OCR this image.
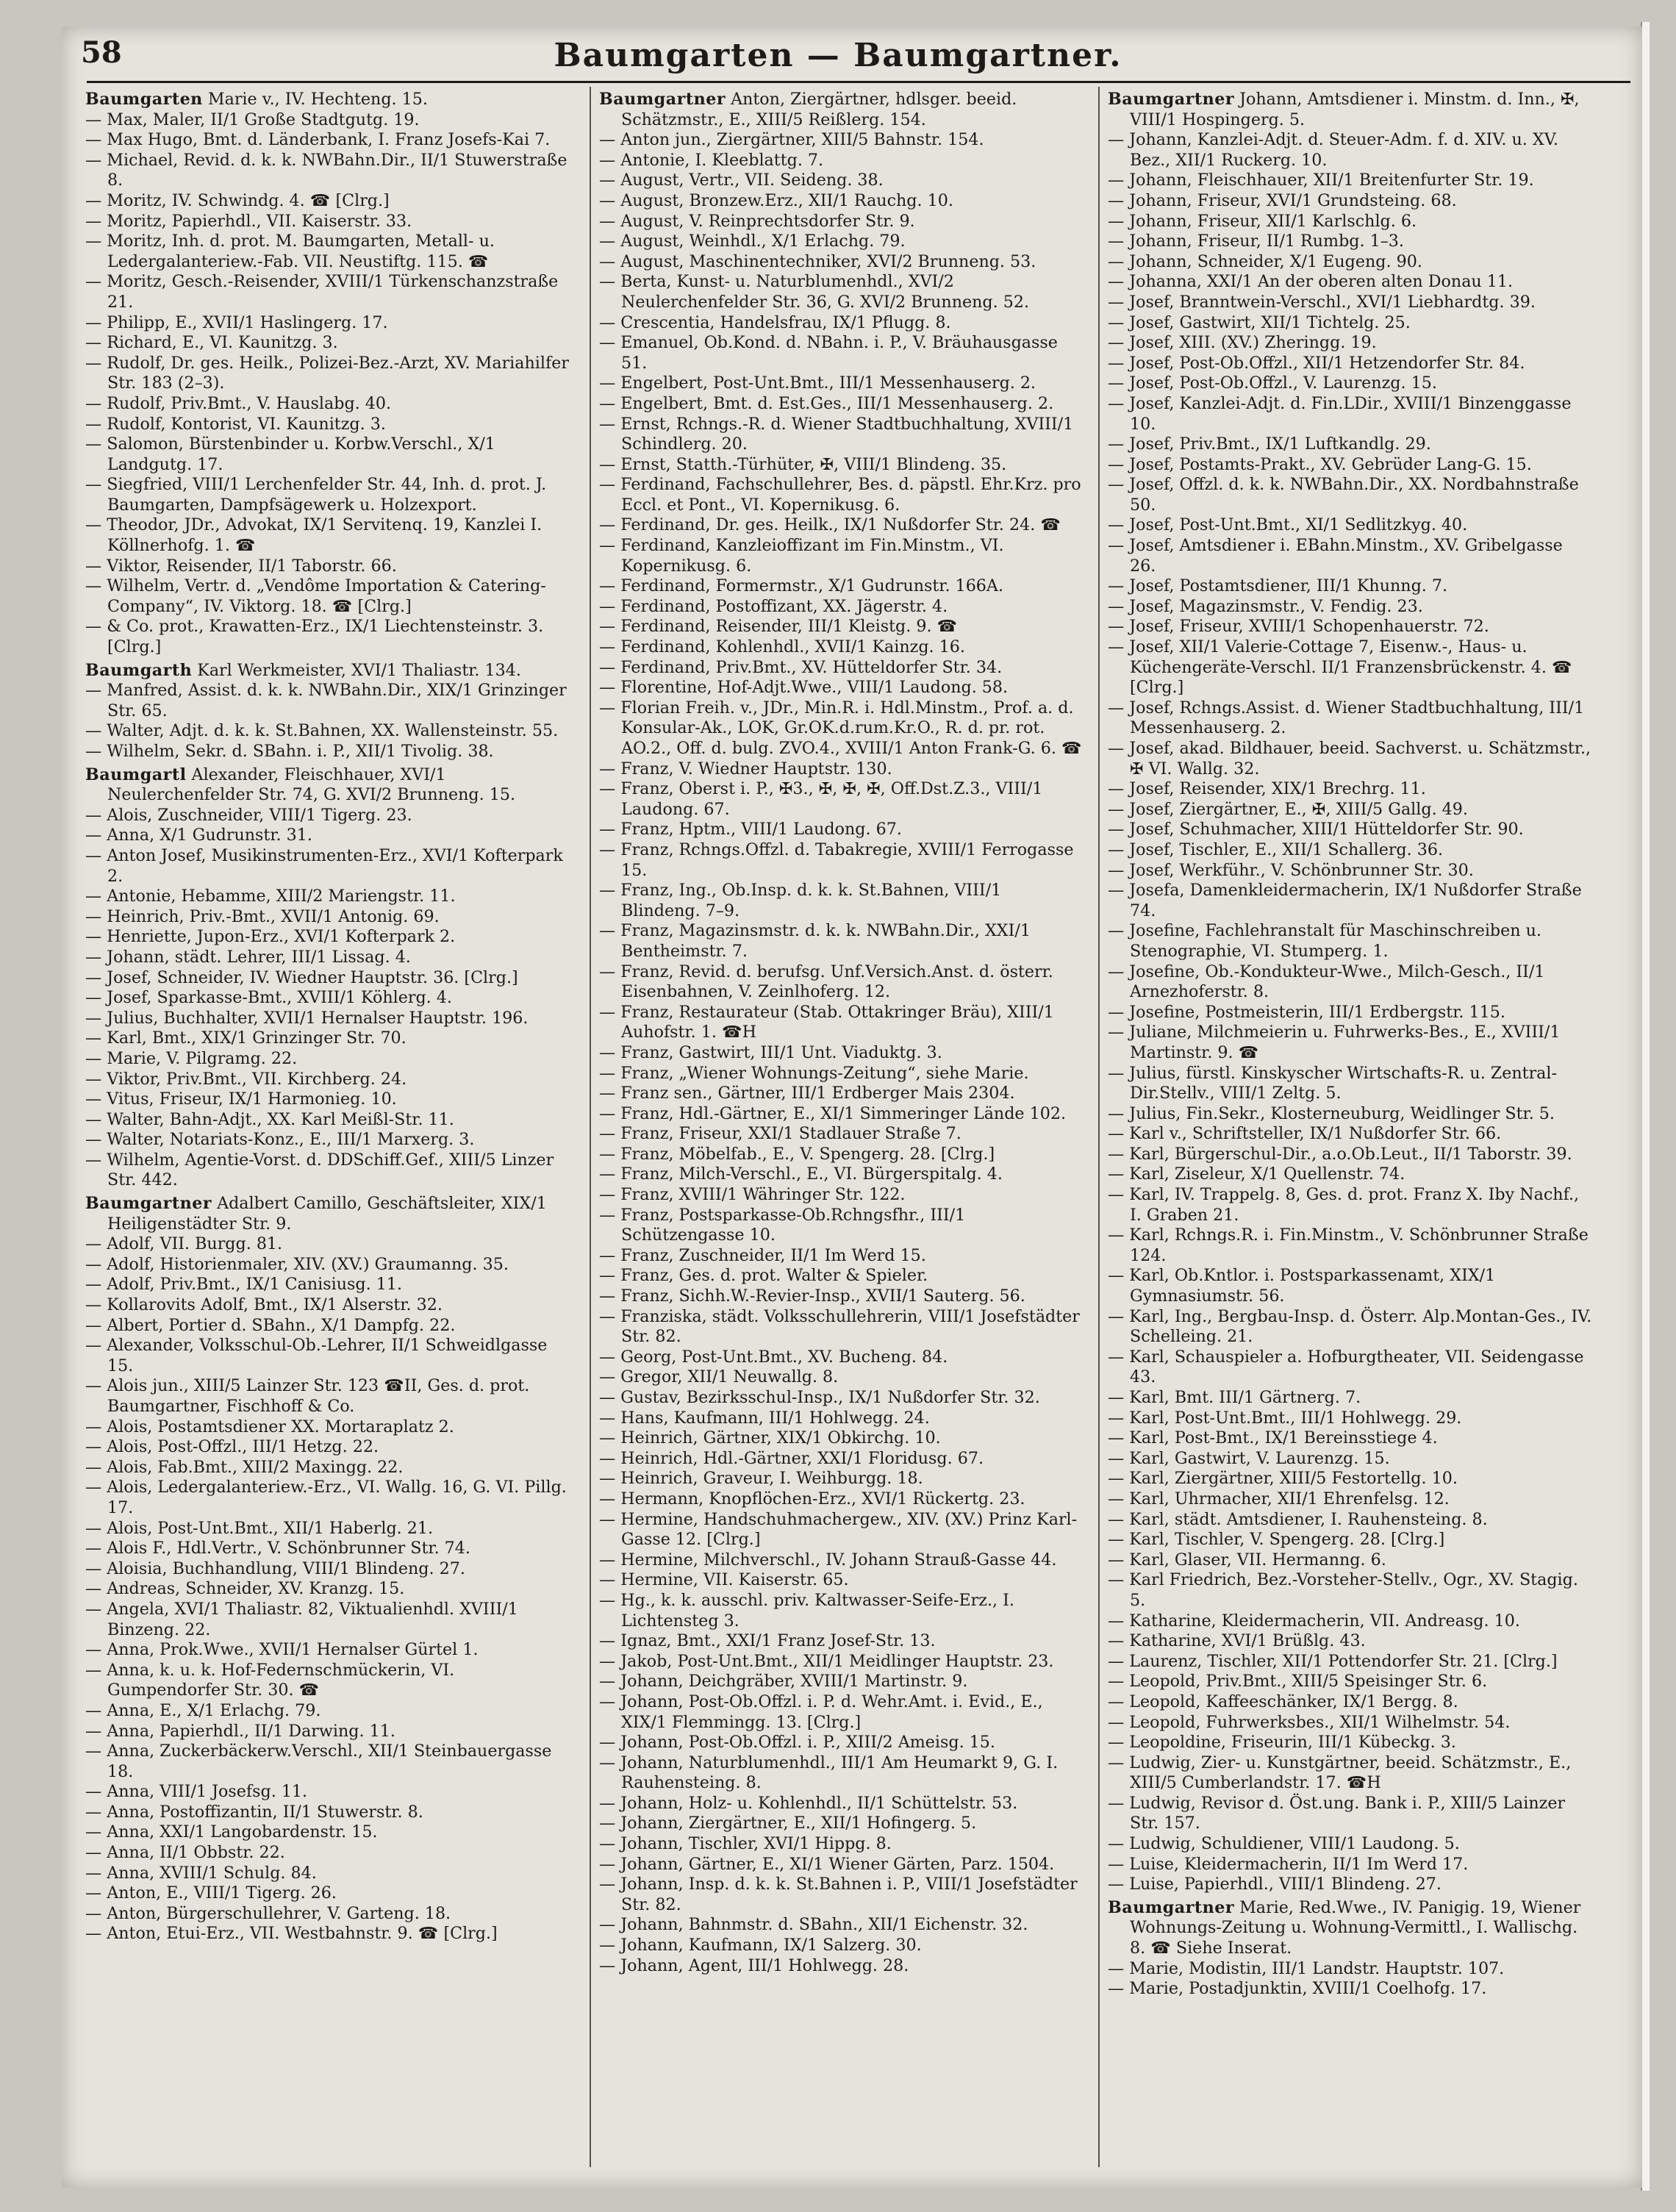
58	Baumgarten — Baumgartner.

Baumgarten Marie v., IV. Hechteng. 15.

— Max, Maler, II/1 Große Stadtgutg. 19.

— Max Hugo, Bmt. d. Länderbank, I. Franz Josefs-Kai 7.

— Michael, Revid. d. k. k. NWBahn.Dir., II/1 Stuwerstraße 8.

— Moritz, IV. Schwindg. 4. ☎ [Clrg.]

— Moritz, Papierhdl., VII. Kaiserstr. 33.

— Moritz, Inh. d. prot. M. Baumgarten, Metall- u. Ledergalanteriew.-Fab. VII. Neustiftg. 115. ☎

— Moritz, Gesch.-Reisender, XVIII/1 Türkenschanzstraße 21.

— Philipp, E., XVII/1 Haslingerg. 17.

— Richard, E., VI. Kaunitzg. 3.

— Rudolf, Dr. ges. Heilk., Polizei-Bez.-Arzt, XV. Mariahilfer Str. 183 (2–3).

— Rudolf, Priv.Bmt., V. Hauslabg. 40.

— Rudolf, Kontorist, VI. Kaunitzg. 3.

— Salomon, Bürstenbinder u. Korbw.Verschl., X/1 Landgutg. 17.

— Siegfried, VIII/1 Lerchenfelder Str. 44, Inh. d. prot. J. Baumgarten, Dampfsägewerk u. Holzexport.

— Theodor, JDr., Advokat, IX/1 Servitenq. 19, Kanzlei I. Köllnerhofg. 1. ☎

— Viktor, Reisender, II/1 Taborstr. 66.

— Wilhelm, Vertr. d. „Vendôme Importation & Catering-Company“, IV. Viktorg. 18. ☎ [Clrg.]

— & Co. prot., Krawatten-Erz., IX/1 Liechtensteinstr. 3. [Clrg.]

Baumgarth Karl Werkmeister, XVI/1 Thaliastr. 134.

— Manfred, Assist. d. k. k. NWBahn.Dir., XIX/1 Grinzinger Str. 65.

— Walter, Adjt. d. k. k. St.Bahnen, XX. Wallensteinstr. 55.

— Wilhelm, Sekr. d. SBahn. i. P., XII/1 Tivolig. 38.

Baumgartl Alexander, Fleischhauer, XVI/1 Neulerchenfelder Str. 74, G. XVI/2 Brunneng. 15.

— Alois, Zuschneider, VIII/1 Tigerg. 23.

— Anna, X/1 Gudrunstr. 31.

— Anton Josef, Musikinstrumenten-Erz., XVI/1 Kofterpark 2.

— Antonie, Hebamme, XIII/2 Mariengstr. 11.

— Heinrich, Priv.-Bmt., XVII/1 Antonig. 69.

— Henriette, Jupon-Erz., XVI/1 Kofterpark 2.

— Johann, städt. Lehrer, III/1 Lissag. 4.

— Josef, Schneider, IV. Wiedner Hauptstr. 36. [Clrg.]

— Josef, Sparkasse-Bmt., XVIII/1 Köhlerg. 4.

— Julius, Buchhalter, XVII/1 Hernalser Hauptstr. 196.

— Karl, Bmt., XIX/1 Grinzinger Str. 70.

— Marie, V. Pilgramg. 22.

— Viktor, Priv.Bmt., VII. Kirchberg. 24.

— Vitus, Friseur, IX/1 Harmonieg. 10.

— Walter, Bahn-Adjt., XX. Karl Meißl-Str. 11.

— Walter, Notariats-Konz., E., III/1 Marxerg. 3.

— Wilhelm, Agentie-Vorst. d. DDSchiff.Gef., XIII/5 Linzer Str. 442.

Baumgartner Adalbert Camillo, Geschäftsleiter, XIX/1 Heiligenstädter Str. 9.

— Adolf, VII. Burgg. 81.

— Adolf, Historienmaler, XIV. (XV.) Graumanng. 35.

— Adolf, Priv.Bmt., IX/1 Canisiusg. 11.

— Kollarovits Adolf, Bmt., IX/1 Alserstr. 32.

— Albert, Portier d. SBahn., X/1 Dampfg. 22.

— Alexander, Volksschul-Ob.-Lehrer, II/1 Schweidlgasse 15.

— Alois jun., XIII/5 Lainzer Str. 123 ☎II, Ges. d. prot. Baumgartner, Fischhoff & Co.

— Alois, Postamtsdiener XX. Mortaraplatz 2.

— Alois, Post-Offzl., III/1 Hetzg. 22.

— Alois, Fab.Bmt., XIII/2 Maxingg. 22.

— Alois, Ledergalanteriew.-Erz., VI. Wallg. 16, G. VI. Pillg. 17.

— Alois, Post-Unt.Bmt., XII/1 Haberlg. 21.

— Alois F., Hdl.Vertr., V. Schönbrunner Str. 74.

— Aloisia, Buchhandlung, VIII/1 Blindeng. 27.

— Andreas, Schneider, XV. Kranzg. 15.

— Angela, XVI/1 Thaliastr. 82, Viktualienhdl. XVIII/1 Binzeng. 22.

— Anna, Prok.Wwe., XVII/1 Hernalser Gürtel 1.

— Anna, k. u. k. Hof-Federnschmückerin, VI. Gumpendorfer Str. 30. ☎

— Anna, E., X/1 Erlachg. 79.

— Anna, Papierhdl., II/1 Darwing. 11.

— Anna, Zuckerbäckerw.Verschl., XII/1 Steinbauergasse 18.

— Anna, VIII/1 Josefsg. 11.

— Anna, Postoffizantin, II/1 Stuwerstr. 8.

— Anna, XXI/1 Langobardenstr. 15.

— Anna, II/1 Obbstr. 22.

— Anna, XVIII/1 Schulg. 84.

— Anton, E., VIII/1 Tigerg. 26.

— Anton, Bürgerschullehrer, V. Garteng. 18.

— Anton, Etui-Erz., VII. Westbahnstr. 9. ☎ [Clrg.]

Baumgartner Anton, Ziergärtner, hdlsger. beeid. Schätzmstr., E., XIII/5 Reißlerg. 154.

— Anton jun., Ziergärtner, XIII/5 Bahnstr. 154.

— Antonie, I. Kleeblattg. 7.

— August, Vertr., VII. Seideng. 38.

— August, Bronzew.Erz., XII/1 Rauchg. 10.

— August, V. Reinprechtsdorfer Str. 9.

— August, Weinhdl., X/1 Erlachg. 79.

— August, Maschinentechniker, XVI/2 Brunneng. 53.

— Berta, Kunst- u. Naturblumenhdl., XVI/2 Neulerchenfelder Str. 36, G. XVI/2 Brunneng. 52.

— Crescentia, Handelsfrau, IX/1 Pflugg. 8.

— Emanuel, Ob.Kond. d. NBahn. i. P., V. Bräuhausgasse 51.

— Engelbert, Post-Unt.Bmt., III/1 Messenhauserg. 2.

— Engelbert, Bmt. d. Est.Ges., III/1 Messenhauserg. 2.

— Ernst, Rchngs.-R. d. Wiener Stadtbuchhaltung, XVIII/1 Schindlerg. 20.

— Ernst, Statth.-Türhüter, ✠, VIII/1 Blindeng. 35.

— Ferdinand, Fachschullehrer, Bes. d. päpstl. Ehr.Krz. pro Eccl. et Pont., VI. Kopernikusg. 6.

— Ferdinand, Dr. ges. Heilk., IX/1 Nußdorfer Str. 24. ☎

— Ferdinand, Kanzleioffizant im Fin.Minstm., VI. Kopernikusg. 6.

— Ferdinand, Formermstr., X/1 Gudrunstr. 166A.

— Ferdinand, Postoffizant, XX. Jägerstr. 4.

— Ferdinand, Reisender, III/1 Kleistg. 9. ☎

— Ferdinand, Kohlenhdl., XVII/1 Kainzg. 16.

— Ferdinand, Priv.Bmt., XV. Hütteldorfer Str. 34.

— Florentine, Hof-Adjt.Wwe., VIII/1 Laudong. 58.

— Florian Freih. v., JDr., Min.R. i. Hdl.Minstm., Prof. a. d. Konsular-Ak., LOK, Gr.OK.d.rum.Kr.O., R. d. pr. rot. AO.2., Off. d. bulg. ZVO.4., XVIII/1 Anton Frank-G. 6. ☎

— Franz, V. Wiedner Hauptstr. 130.

— Franz, Oberst i. P., ✠3., ✠, ✠, ✠, Off.Dst.Z.3., VIII/1 Laudong. 67.

— Franz, Hptm., VIII/1 Laudong. 67.

— Franz, Rchngs.Offzl. d. Tabakregie, XVIII/1 Ferrogasse 15.

— Franz, Ing., Ob.Insp. d. k. k. St.Bahnen, VIII/1 Blindeng. 7–9.

— Franz, Magazinsmstr. d. k. k. NWBahn.Dir., XXI/1 Bentheimstr. 7.

— Franz, Revid. d. berufsg. Unf.Versich.Anst. d. österr. Eisenbahnen, V. Zeinlhoferg. 12.

— Franz, Restaurateur (Stab. Ottakringer Bräu), XIII/1 Auhofstr. 1. ☎H

— Franz, Gastwirt, III/1 Unt. Viaduktg. 3.

— Franz, „Wiener Wohnungs-Zeitung“, siehe Marie.

— Franz sen., Gärtner, III/1 Erdberger Mais 2304.

— Franz, Hdl.-Gärtner, E., XI/1 Simmeringer Lände 102.

— Franz, Friseur, XXI/1 Stadlauer Straße 7.

— Franz, Möbelfab., E., V. Spengerg. 28. [Clrg.]

— Franz, Milch-Verschl., E., VI. Bürgerspitalg. 4.

— Franz, XVIII/1 Währinger Str. 122.

— Franz, Postsparkasse-Ob.Rchngsfhr., III/1 Schützengasse 10.

— Franz, Zuschneider, II/1 Im Werd 15.

— Franz, Ges. d. prot. Walter & Spieler.

— Franz, Sichh.W.-Revier-Insp., XVII/1 Sauterg. 56.

— Franziska, städt. Volksschullehrerin, VIII/1 Josefstädter Str. 82.

— Georg, Post-Unt.Bmt., XV. Bucheng. 84.

— Gregor, XII/1 Neuwallg. 8.

— Gustav, Bezirksschul-Insp., IX/1 Nußdorfer Str. 32.

— Hans, Kaufmann, III/1 Hohlwegg. 24.

— Heinrich, Gärtner, XIX/1 Obkirchg. 10.

— Heinrich, Hdl.-Gärtner, XXI/1 Floridusg. 67.

— Heinrich, Graveur, I. Weihburgg. 18.

— Hermann, Knopflöchen-Erz., XVI/1 Rückertg. 23.

— Hermine, Handschuhmachergew., XIV. (XV.) Prinz Karl-Gasse 12. [Clrg.]

— Hermine, Milchverschl., IV. Johann Strauß-Gasse 44.

— Hermine, VII. Kaiserstr. 65.

— Hg., k. k. ausschl. priv. Kaltwasser-Seife-Erz., I. Lichtensteg 3.

— Ignaz, Bmt., XXI/1 Franz Josef-Str. 13.

— Jakob, Post-Unt.Bmt., XII/1 Meidlinger Hauptstr. 23.

— Johann, Deichgräber, XVIII/1 Martinstr. 9.

— Johann, Post-Ob.Offzl. i. P. d. Wehr.Amt. i. Evid., E., XIX/1 Flemmingg. 13. [Clrg.]

— Johann, Post-Ob.Offzl. i. P., XIII/2 Ameisg. 15.

— Johann, Naturblumenhdl., III/1 Am Heumarkt 9, G. I. Rauhensteing. 8.

— Johann, Holz- u. Kohlenhdl., II/1 Schüttelstr. 53.

— Johann, Ziergärtner, E., XII/1 Hofingerg. 5.

— Johann, Tischler, XVI/1 Hippg. 8.

— Johann, Gärtner, E., XI/1 Wiener Gärten, Parz. 1504.

— Johann, Insp. d. k. k. St.Bahnen i. P., VIII/1 Josefstädter Str. 82.

— Johann, Bahnmstr. d. SBahn., XII/1 Eichenstr. 32.

— Johann, Kaufmann, IX/1 Salzerg. 30.

— Johann, Agent, III/1 Hohlwegg. 28.

Baumgartner Johann, Amtsdiener i. Minstm. d. Inn., ✠, VIII/1 Hospingerg. 5.

— Johann, Kanzlei-Adjt. d. Steuer-Adm. f. d. XIV. u. XV. Bez., XII/1 Ruckerg. 10.

— Johann, Fleischhauer, XII/1 Breitenfurter Str. 19.

— Johann, Friseur, XVI/1 Grundsteing. 68.

— Johann, Friseur, XII/1 Karlschlg. 6.

— Johann, Friseur, II/1 Rumbg. 1–3.

— Johann, Schneider, X/1 Eugeng. 90.

— Johanna, XXI/1 An der oberen alten Donau 11.

— Josef, Branntwein-Verschl., XVI/1 Liebhardtg. 39.

— Josef, Gastwirt, XII/1 Tichtelg. 25.

— Josef, XIII. (XV.) Zheringg. 19.

— Josef, Post-Ob.Offzl., XII/1 Hetzendorfer Str. 84.

— Josef, Post-Ob.Offzl., V. Laurenzg. 15.

— Josef, Kanzlei-Adjt. d. Fin.LDir., XVIII/1 Binzenggasse 10.

— Josef, Priv.Bmt., IX/1 Luftkandlg. 29.

— Josef, Postamts-Prakt., XV. Gebrüder Lang-G. 15.

— Josef, Offzl. d. k. k. NWBahn.Dir., XX. Nordbahnstraße 50.

— Josef, Post-Unt.Bmt., XI/1 Sedlitzkyg. 40.

— Josef, Amtsdiener i. EBahn.Minstm., XV. Gribelgasse 26.

— Josef, Postamtsdiener, III/1 Khunng. 7.

— Josef, Magazinsmstr., V. Fendig. 23.

— Josef, Friseur, XVIII/1 Schopenhauerstr. 72.

— Josef, XII/1 Valerie-Cottage 7, Eisenw.-, Haus- u. Küchengeräte-Verschl. II/1 Franzensbrückenstr. 4. ☎ [Clrg.]

— Josef, Rchngs.Assist. d. Wiener Stadtbuchhaltung, III/1 Messenhauserg. 2.

— Josef, akad. Bildhauer, beeid. Sachverst. u. Schätzmstr., ✠ VI. Wallg. 32.

— Josef, Reisender, XIX/1 Brechrg. 11.

— Josef, Ziergärtner, E., ✠, XIII/5 Gallg. 49.

— Josef, Schuhmacher, XIII/1 Hütteldorfer Str. 90.

— Josef, Tischler, E., XII/1 Schallerg. 36.

— Josef, Werkführ., V. Schönbrunner Str. 30.

— Josefa, Damenkleidermacherin, IX/1 Nußdorfer Straße 74.

— Josefine, Fachlehranstalt für Maschinschreiben u. Stenographie, VI. Stumperg. 1.

— Josefine, Ob.-Kondukteur-Wwe., Milch-Gesch., II/1 Arnezhoferstr. 8.

— Josefine, Postmeisterin, III/1 Erdbergstr. 115.

— Juliane, Milchmeierin u. Fuhrwerks-Bes., E., XVIII/1 Martinstr. 9. ☎

— Julius, fürstl. Kinskyscher Wirtschafts-R. u. Zentral-Dir.Stellv., VIII/1 Zeltg. 5.

— Julius, Fin.Sekr., Klosterneuburg, Weidlinger Str. 5.

— Karl v., Schriftsteller, IX/1 Nußdorfer Str. 66.

— Karl, Bürgerschul-Dir., a.o.Ob.Leut., II/1 Taborstr. 39.

— Karl, Ziseleur, X/1 Quellenstr. 74.

— Karl, IV. Trappelg. 8, Ges. d. prot. Franz X. Iby Nachf., I. Graben 21.

— Karl, Rchngs.R. i. Fin.Minstm., V. Schönbrunner Straße 124.

— Karl, Ob.Kntlor. i. Postsparkassenamt, XIX/1 Gymnasiumstr. 56.

— Karl, Ing., Bergbau-Insp. d. Österr. Alp.Montan-Ges., IV. Schelleing. 21.

— Karl, Schauspieler a. Hofburgtheater, VII. Seidengasse 43.

— Karl, Bmt. III/1 Gärtnerg. 7.

— Karl, Post-Unt.Bmt., III/1 Hohlwegg. 29.

— Karl, Post-Bmt., IX/1 Bereinsstiege 4.

— Karl, Gastwirt, V. Laurenzg. 15.

— Karl, Ziergärtner, XIII/5 Festortellg. 10.

— Karl, Uhrmacher, XII/1 Ehrenfelsg. 12.

— Karl, städt. Amtsdiener, I. Rauhensteing. 8.

— Karl, Tischler, V. Spengerg. 28. [Clrg.]

— Karl, Glaser, VII. Hermanng. 6.

— Karl Friedrich, Bez.-Vorsteher-Stellv., Ogr., XV. Stagig. 5.

— Katharine, Kleidermacherin, VII. Andreasg. 10.

— Katharine, XVI/1 Brüßlg. 43.

— Laurenz, Tischler, XII/1 Pottendorfer Str. 21. [Clrg.]

— Leopold, Priv.Bmt., XIII/5 Speisinger Str. 6.

— Leopold, Kaffeeschänker, IX/1 Bergg. 8.

— Leopold, Fuhrwerksbes., XII/1 Wilhelmstr. 54.

— Leopoldine, Friseurin, III/1 Kübeckg. 3.

— Ludwig, Zier- u. Kunstgärtner, beeid. Schätzmstr., E., XIII/5 Cumberlandstr. 17. ☎H

— Ludwig, Revisor d. Öst.ung. Bank i. P., XIII/5 Lainzer Str. 157.

— Ludwig, Schuldiener, VIII/1 Laudong. 5.

— Luise, Kleidermacherin, II/1 Im Werd 17.

— Luise, Papierhdl., VIII/1 Blindeng. 27.

Baumgartner Marie, Red.Wwe., IV. Panigig. 19, Wiener Wohnungs-Zeitung u. Wohnung-Vermittl., I. Wallischg. 8. ☎ Siehe Inserat.

— Marie, Modistin, III/1 Landstr. Hauptstr. 107.

— Marie, Postadjunktin, XVIII/1 Coelhofg. 17.
